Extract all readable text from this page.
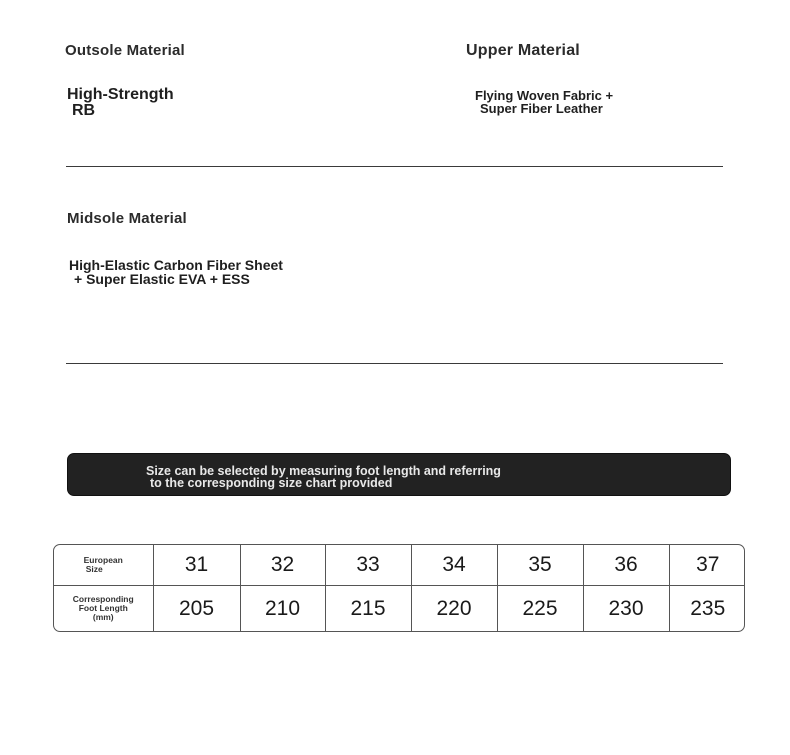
Outsole Material
High-Strength
RB
Upper Material
Flying Woven Fabric +
Super Fiber Leather
Midsole Material
High-Elastic Carbon Fiber Sheet
+ Super Elastic EVA + ESS
Size can be selected by measuring foot length and referring
to the corresponding size chart provided
European
Size	31	32	33	34	35	36	37

Corresponding
Foot Length
(mm)	205	210	215	220	225	230	235
